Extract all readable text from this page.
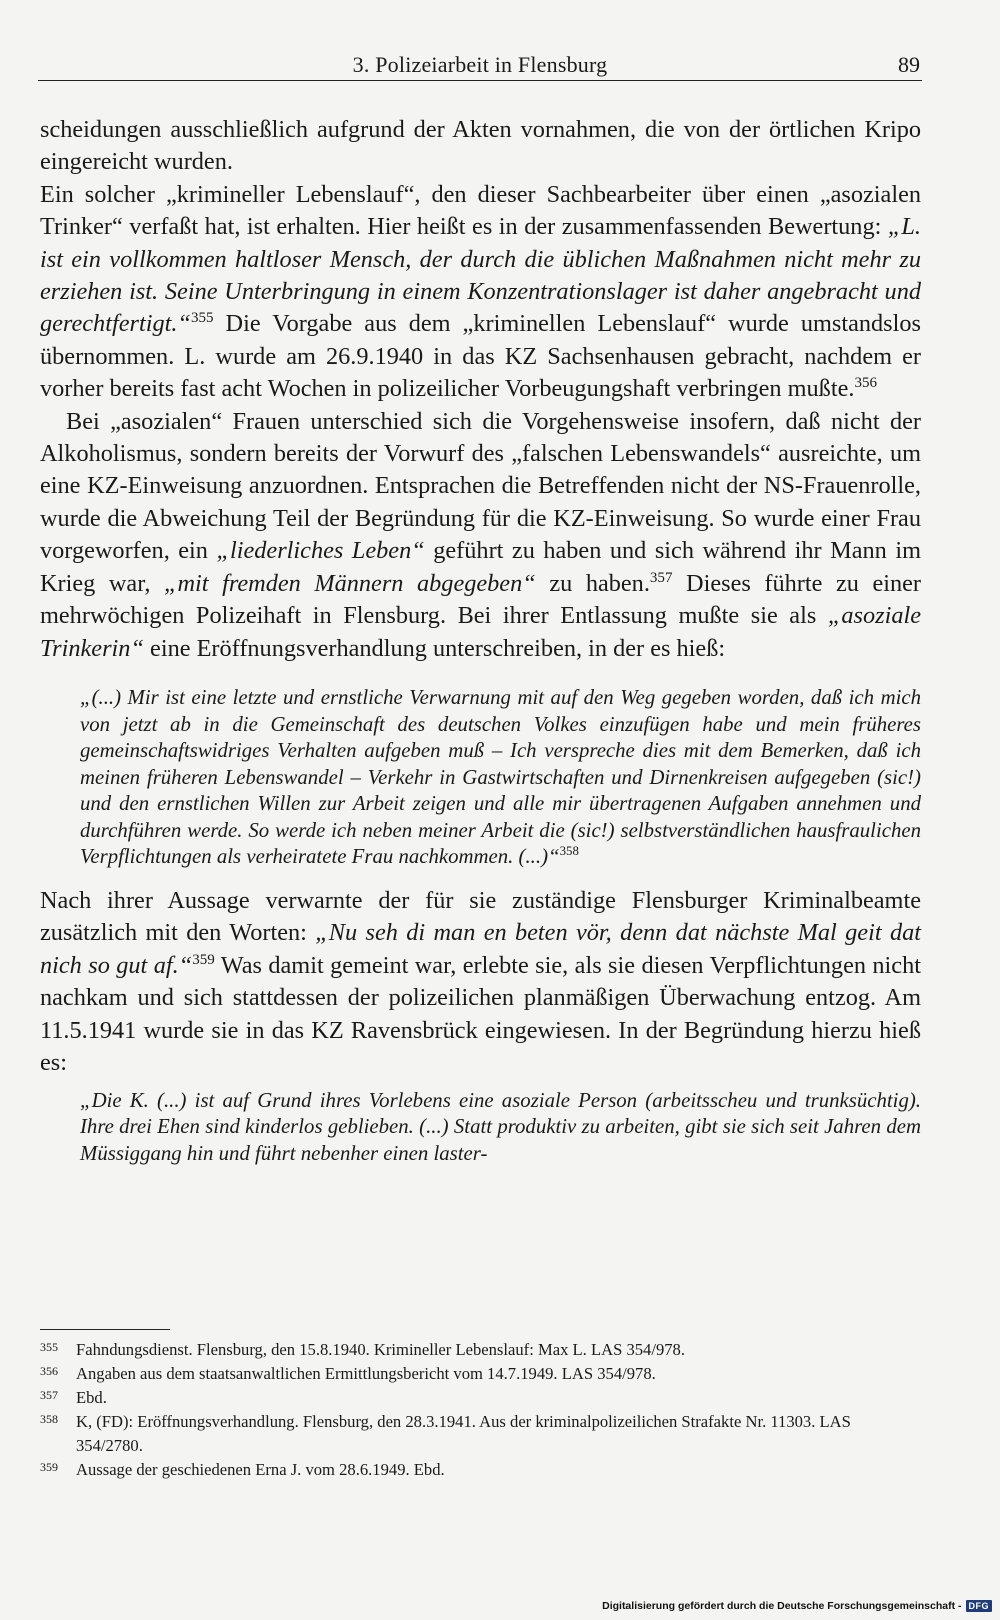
3. Polizeiarbeit in Flensburg	89

scheidungen ausschließlich aufgrund der Akten vornahmen, die von der örtlichen Kripo eingereicht wurden.

Ein solcher „krimineller Lebenslauf“, den dieser Sachbearbeiter über einen „asozialen Trinker“ verfaßt hat, ist erhalten. Hier heißt es in der zusammenfassenden Bewertung: „L. ist ein vollkommen haltloser Mensch, der durch die üblichen Maßnahmen nicht mehr zu erziehen ist. Seine Unterbringung in einem Konzentrationslager ist daher angebracht und gerechtfertigt.“$^{355}$ Die Vorgabe aus dem „kriminellen Lebenslauf“ wurde umstandslos übernommen. L. wurde am 26.9.1940 in das KZ Sachsenhausen gebracht, nachdem er vorher bereits fast acht Wochen in polizeilicher Vorbeugungshaft verbringen mußte.$^{356}$

Bei „asozialen“ Frauen unterschied sich die Vorgehensweise insofern, daß nicht der Alkoholismus, sondern bereits der Vorwurf des „falschen Lebenswandels“ ausreichte, um eine KZ-Einweisung anzuordnen. Entsprachen die Betreffenden nicht der NS-Frauenrolle, wurde die Abweichung Teil der Begründung für die KZ-Einweisung. So wurde einer Frau vorgeworfen, ein „liederliches Leben“ geführt zu haben und sich während ihr Mann im Krieg war, „mit fremden Männern abgegeben“ zu haben.$^{357}$ Dieses führte zu einer mehrwöchigen Polizeihaft in Flensburg. Bei ihrer Entlassung mußte sie als „asoziale Trinkerin“ eine Eröffnungsverhandlung unterschreiben, in der es hieß:

„(...) Mir ist eine letzte und ernstliche Verwarnung mit auf den Weg gegeben worden, daß ich mich von jetzt ab in die Gemeinschaft des deutschen Volkes einzufügen habe und mein früheres gemeinschaftswidriges Verhalten aufgeben muß – Ich verspreche dies mit dem Bemerken, daß ich meinen früheren Lebenswandel – Verkehr in Gastwirtschaften und Dirnenkreisen aufgegeben (sic!) und den ernstlichen Willen zur Arbeit zeigen und alle mir übertragenen Aufgaben annehmen und durchführen werde. So werde ich neben meiner Arbeit die (sic!) selbstverständlichen hausfraulichen Verpflichtungen als verheiratete Frau nachkommen. (...)“$^{358}$

Nach ihrer Aussage verwarnte der für sie zuständige Flensburger Kriminalbeamte zusätzlich mit den Worten: „Nu seh di man en beten vör, denn dat nächste Mal geit dat nich so gut af.“$^{359}$ Was damit gemeint war, erlebte sie, als sie diesen Verpflichtungen nicht nachkam und sich stattdessen der polizeilichen planmäßigen Überwachung entzog. Am 11.5.1941 wurde sie in das KZ Ravensbrück eingewiesen. In der Begründung hierzu hieß es:

„Die K. (...) ist auf Grund ihres Vorlebens eine asoziale Person (arbeitsscheu und trunksüchtig). Ihre drei Ehen sind kinderlos geblieben. (...) Statt produktiv zu arbeiten, gibt sie sich seit Jahren dem Müssiggang hin und führt nebenher einen laster-
355 Fahndungsdienst. Flensburg, den 15.8.1940. Krimineller Lebenslauf: Max L. LAS 354/978.
356 Angaben aus dem staatsanwaltlichen Ermittlungsbericht vom 14.7.1949. LAS 354/978.
357 Ebd.
358 K, (FD): Eröffnungsverhandlung. Flensburg, den 28.3.1941. Aus der kriminalpolizeilichen Strafakte Nr. 11303. LAS 354/2780.
359 Aussage der geschiedenen Erna J. vom 28.6.1949. Ebd.
Digitalisierung gefördert durch die Deutsche Forschungsgemeinschaft - DFG
